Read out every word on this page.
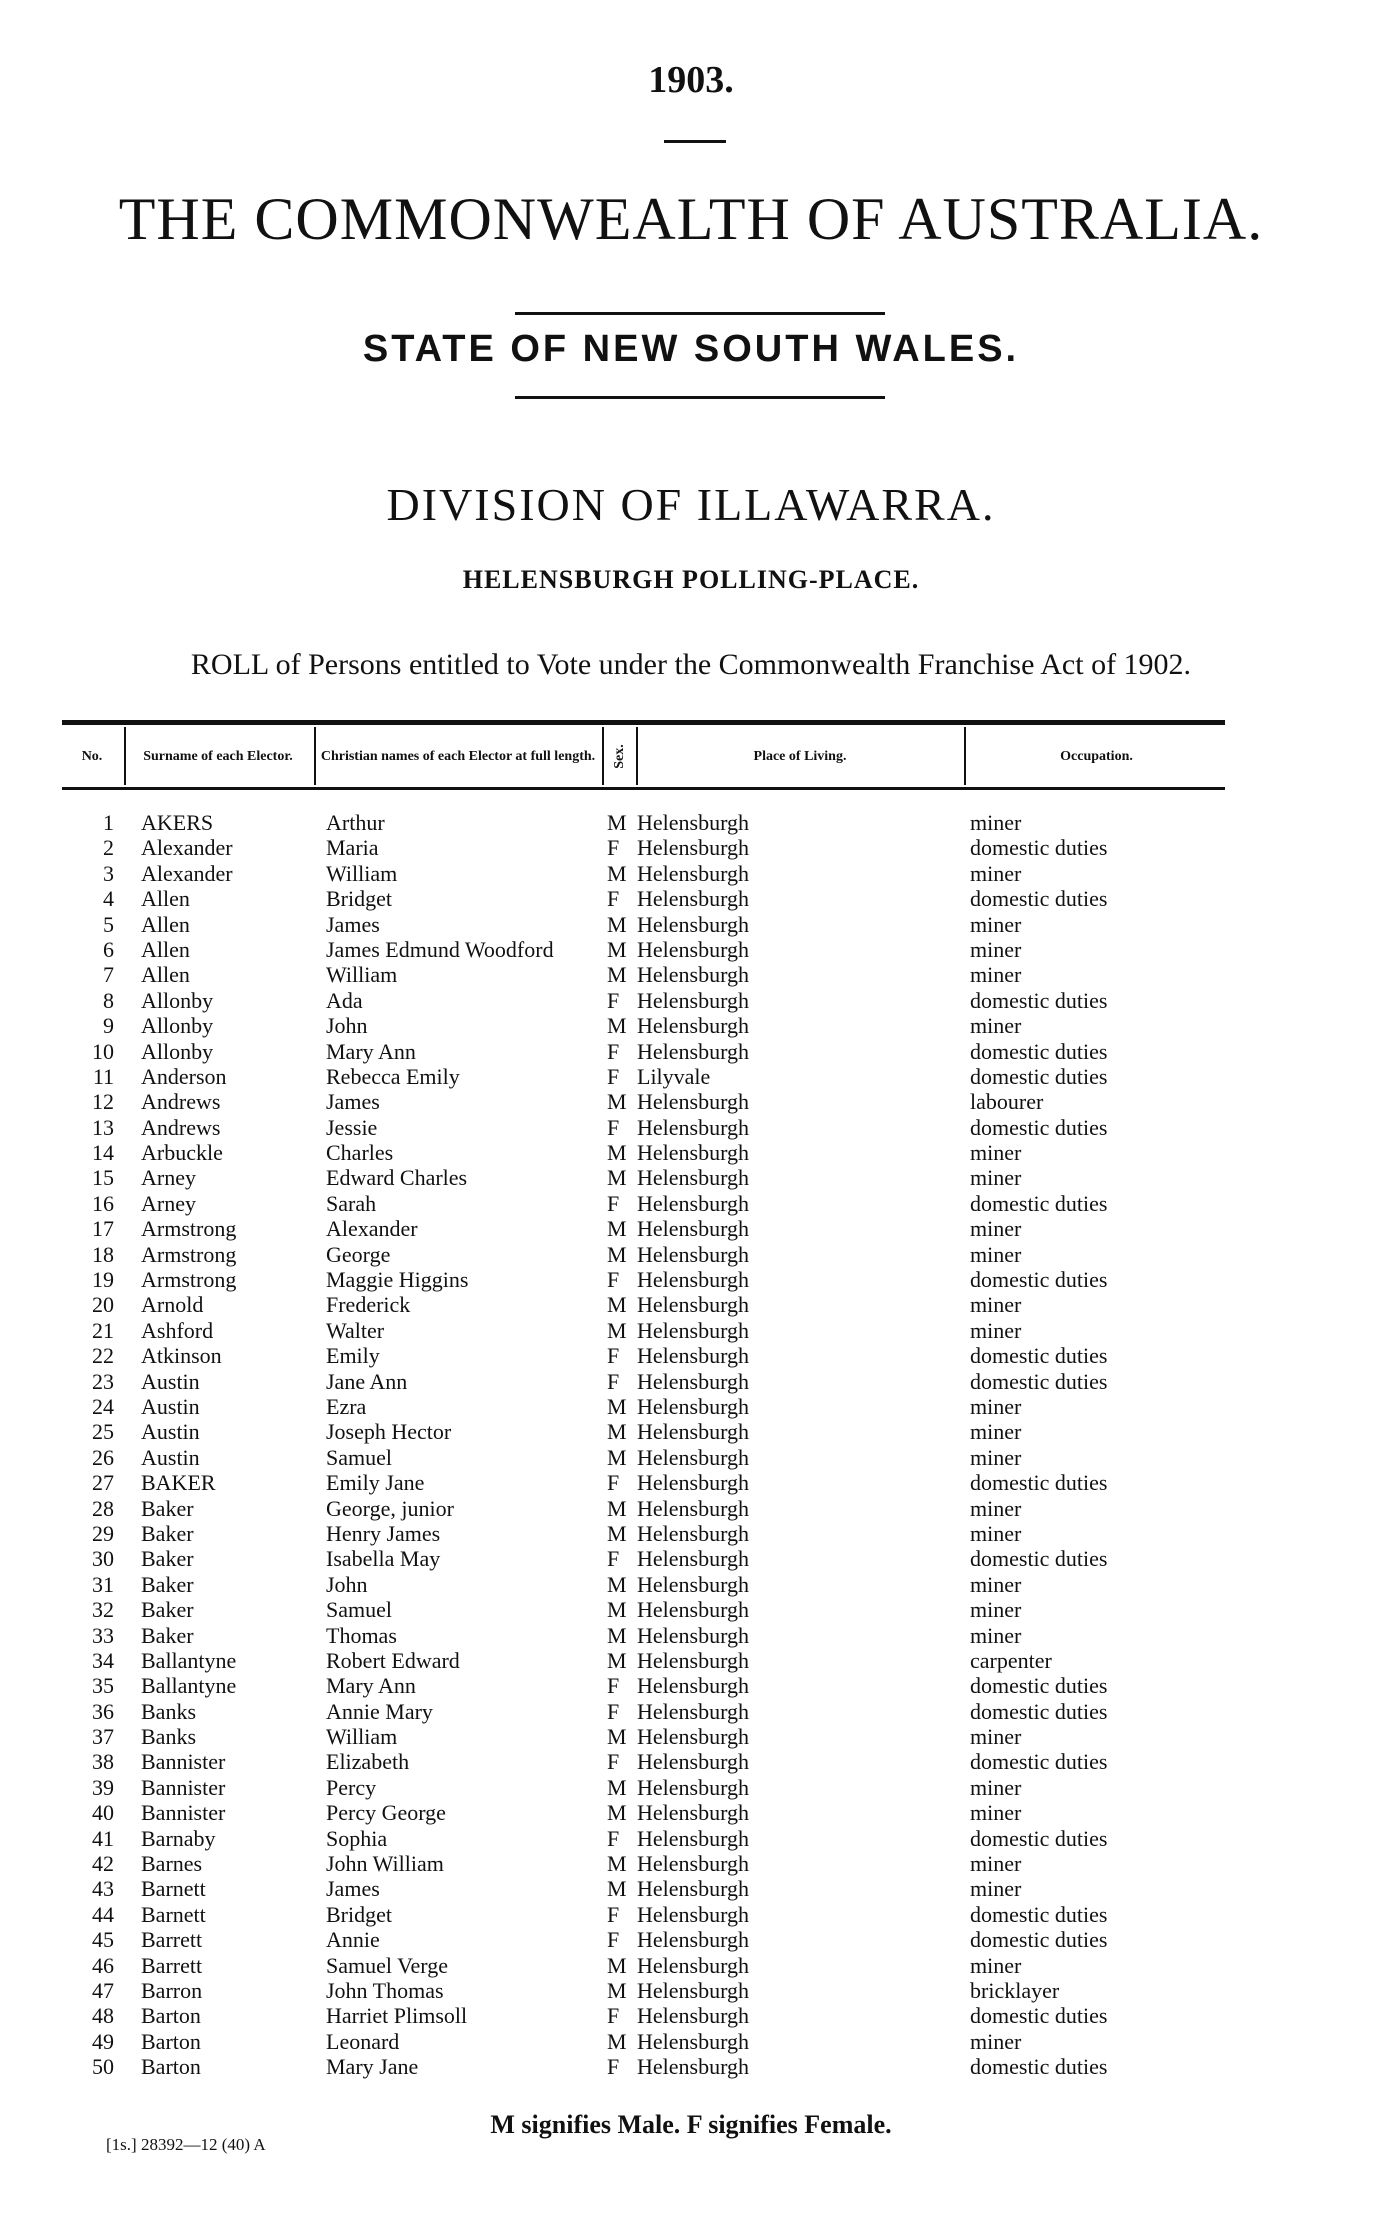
1903.
THE COMMONWEALTH OF AUSTRALIA.
STATE OF NEW SOUTH WALES.
DIVISION OF ILLAWARRA.
HELENSBURGH POLLING-PLACE.
ROLL of Persons entitled to Vote under the Commonwealth Franchise Act of 1902.
No.	Surname of each Elector.	Christian names of each Elector at full length. Sex.	Place of Living.	Occupation.
1 AKERS	Arthur	M Helensburgh	miner
2 Alexander	Maria	F Helensburgh	domestic duties
3 Alexander	William	M Helensburgh	miner
4 Allen	Bridget	F Helensburgh	domestic duties
5 Allen	James	M Helensburgh	miner
6 Allen	James Edmund Woodford M Helensburgh	miner
7 Allen	William	M Helensburgh	miner
8 Allonby	Ada	F Helensburgh	domestic duties
9 Allonby	John	M Helensburgh	miner
10 Allonby	Mary Ann	F Helensburgh	domestic duties
11 Anderson	Rebecca Emily	F Lilyvale	domestic duties
12 Andrews	James	M Helensburgh	labourer
13 Andrews	Jessie	F Helensburgh	domestic duties
14 Arbuckle	Charles	M Helensburgh	miner
15 Arney	Edward Charles	M Helensburgh	miner
16 Arney	Sarah	F Helensburgh	domestic duties
17 Armstrong	Alexander	M Helensburgh	miner
18 Armstrong	George	M Helensburgh	miner
19 Armstrong	Maggie Higgins	F Helensburgh	domestic duties
20 Arnold	Frederick	M Helensburgh	miner
21 Ashford	Walter	M Helensburgh	miner
22 Atkinson	Emily	F Helensburgh	domestic duties
23 Austin	Jane Ann	F Helensburgh	domestic duties
24 Austin	Ezra	M Helensburgh	miner
25 Austin	Joseph Hector	M Helensburgh	miner
26 Austin	Samuel	M Helensburgh	miner
27 BAKER	Emily Jane	F Helensburgh	domestic duties
28 Baker	George, junior	M Helensburgh	miner
29 Baker	Henry James	M Helensburgh	miner
30 Baker	Isabella May	F Helensburgh	domestic duties
31 Baker	John	M Helensburgh	miner
32 Baker	Samuel	M Helensburgh	miner
33 Baker	Thomas	M Helensburgh	miner
34 Ballantyne	Robert Edward	M Helensburgh	carpenter
35 Ballantyne	Mary Ann	F Helensburgh	domestic duties
36 Banks	Annie Mary	F Helensburgh	domestic duties
37 Banks	William	M Helensburgh	miner
38 Bannister	Elizabeth	F Helensburgh	domestic duties
39 Bannister	Percy	M Helensburgh	miner
40 Bannister	Percy George	M Helensburgh	miner
41 Barnaby	Sophia	F Helensburgh	domestic duties
42 Barnes	John William	M Helensburgh	miner
43 Barnett	James	M Helensburgh	miner
44 Barnett	Bridget	F Helensburgh	domestic duties
45 Barrett	Annie	F Helensburgh	domestic duties
46 Barrett	Samuel Verge	M Helensburgh	miner
47 Barron	John Thomas	M Helensburgh	bricklayer
48 Barton	Harriet Plimsoll	F Helensburgh	domestic duties
49 Barton	Leonard	M Helensburgh	miner
50 Barton	Mary Jane	F Helensburgh	domestic duties
M signifies Male. F signifies Female.
[1s.] 28392—12 (40) A
